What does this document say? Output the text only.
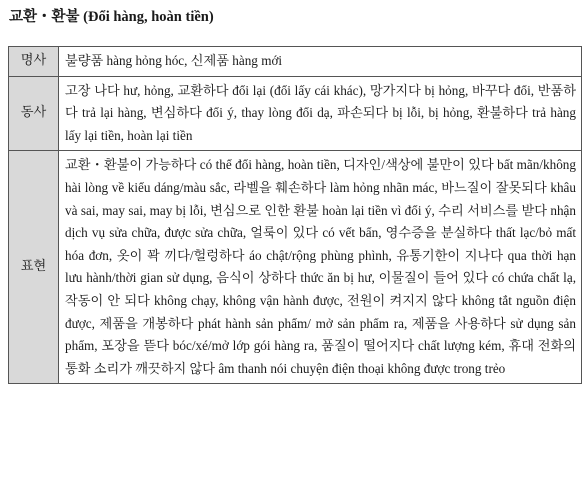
교환・환불 (Đổi hàng, hoàn tiền)
명사	불량품 hàng hỏng hóc, 신제품 hàng mới
동사	고장 나다 hư, hỏng, 교환하다 đổi lại (đổi lấy cái khác), 망가지다 bị hỏng, 바꾸다 đổi, 반품하다 trả lại hàng, 변심하다 đổi ý, thay lòng đổi dạ, 파손되다 bị lỗi, bị hỏng, 환불하다 trả hàng lấy lại tiền, hoàn lại tiền
표현	교환・환불이 가능하다 có thể đổi hàng, hoàn tiền, 디자인/색상에 불만이 있다 bất mãn/không hài lòng về kiểu dáng/màu sắc, 라벨을 훼손하다 làm hỏng nhãn mác, 바느질이 잘못되다 khâu và sai, may sai, may bị lỗi, 변심으로 인한 환불 hoàn lại tiền vì đổi ý, 수리 서비스를 받다 nhận dịch vụ sửa chữa, được sửa chữa, 얼룩이 있다 có vết bẩn, 영수증을 분실하다 thất lạc/bỏ mất hóa đơn, 옷이 꽉 끼다/헐렁하다 áo chật/rộng phùng phình, 유통기한이 지나다 qua thời hạn lưu hành/thời gian sử dụng, 음식이 상하다 thức ăn bị hư, 이물질이 들어 있다 có chứa chất lạ, 작동이 안 되다 không chạy, không vận hành được, 전원이 켜지지 않다 không tắt nguồn điện được, 제품을 개봉하다 phát hành sản phẩm/ mở sản phẩm ra, 제품을 사용하다 sử dụng sản phẩm, 포장을 뜯다 bóc/xé/mở lớp gói hàng ra, 품질이 떨어지다 chất lượng kém, 휴대 전화의 통화 소리가 깨끗하지 않다 âm thanh nói chuyện điện thoại không được trong trẻo
